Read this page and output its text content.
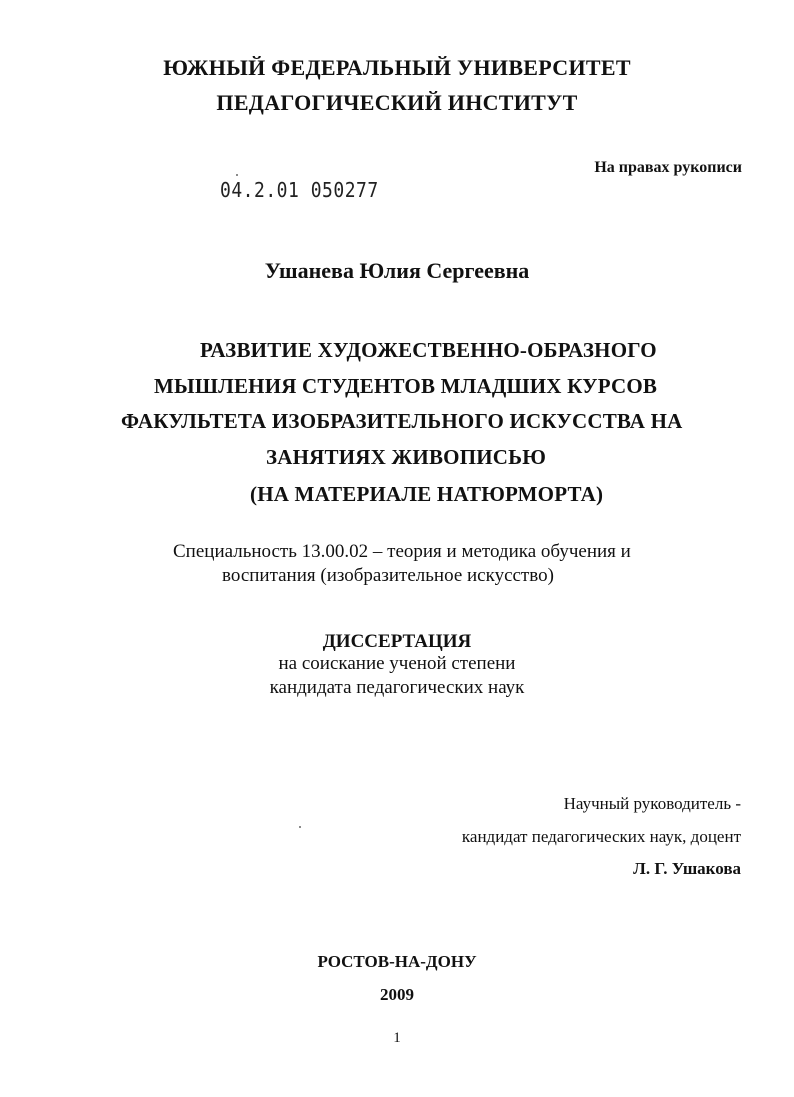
ЮЖНЫЙ ФЕДЕРАЛЬНЫЙ УНИВЕРСИТЕТ
ПЕДАГОГИЧЕСКИЙ ИНСТИТУТ
04.2.01 050277
На правах рукописи
Ушанева Юлия Сергеевна
РАЗВИТИЕ ХУДОЖЕСТВЕННО-ОБРАЗНОГО
МЫШЛЕНИЯ СТУДЕНТОВ МЛАДШИХ КУРСОВ
ФАКУЛЬТЕТА ИЗОБРАЗИТЕЛЬНОГО ИСКУССТВА НА
ЗАНЯТИЯХ ЖИВОПИСЬЮ
(НА МАТЕРИАЛЕ НАТЮРМОРТА)
Специальность 13.00.02 – теория и методика обучения и
воспитания (изобразительное искусство)
ДИССЕРТАЦИЯ
на соискание ученой степени
кандидата педагогических наук
Научный руководитель -
кандидат педагогических наук, доцент
Л. Г. Ушакова
РОСТОВ-НА-ДОНУ
2009
1
